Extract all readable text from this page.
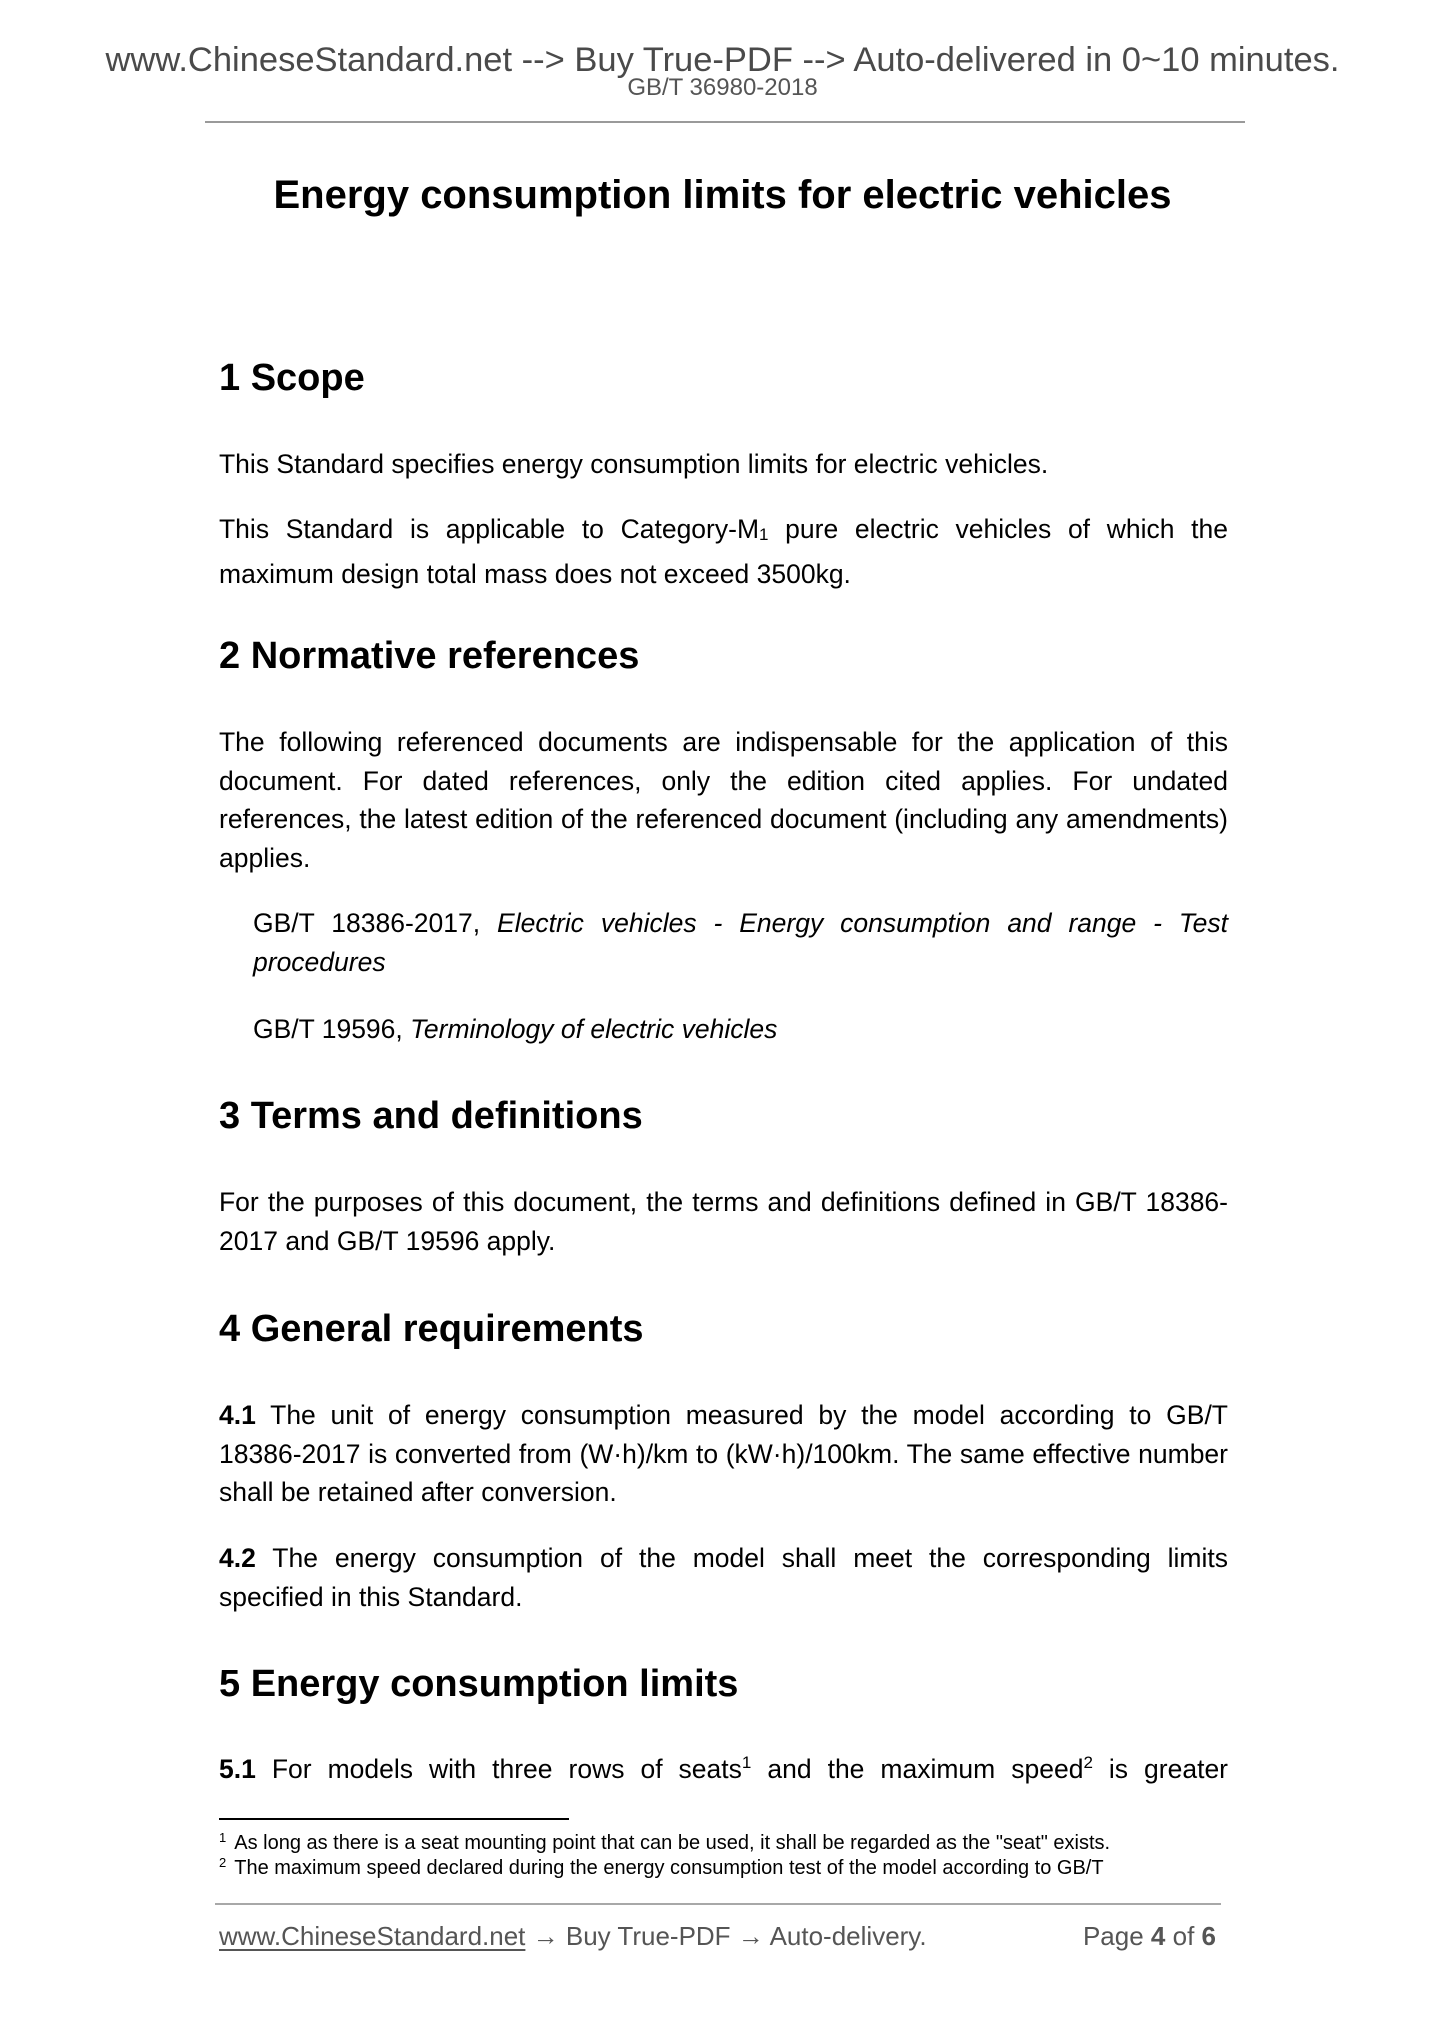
www.ChineseStandard.net --> Buy True-PDF --> Auto-delivered in 0~10 minutes.
GB/T 36980-2018
Energy consumption limits for electric vehicles
1 Scope
This Standard specifies energy consumption limits for electric vehicles.
This Standard is applicable to Category-$M_1$ pure electric vehicles of which the maximum design total mass does not exceed 3500kg.
2 Normative references
The following referenced documents are indispensable for the application of this document. For dated references, only the edition cited applies. For undated references, the latest edition of the referenced document (including any amendments) applies.
GB/T 18386-2017, Electric vehicles - Energy consumption and range - Test procedures
GB/T 19596, Terminology of electric vehicles
3 Terms and definitions
For the purposes of this document, the terms and definitions defined in GB/T 18386-2017 and GB/T 19596 apply.
4 General requirements
4.1 The unit of energy consumption measured by the model according to GB/T 18386-2017 is converted from (W·h)/km to (kW·h)/100km. The same effective number shall be retained after conversion.
4.2 The energy consumption of the model shall meet the corresponding limits specified in this Standard.
5 Energy consumption limits
5.1 For models with three rows of seats$^1$ and the maximum speed$^2$ is greater
$^1$ As long as there is a seat mounting point that can be used, it shall be regarded as the "seat" exists.
$^2$ The maximum speed declared during the energy consumption test of the model according to GB/T
www.ChineseStandard.net → Buy True-PDF → Auto-delivery.	Page 4 of 6
